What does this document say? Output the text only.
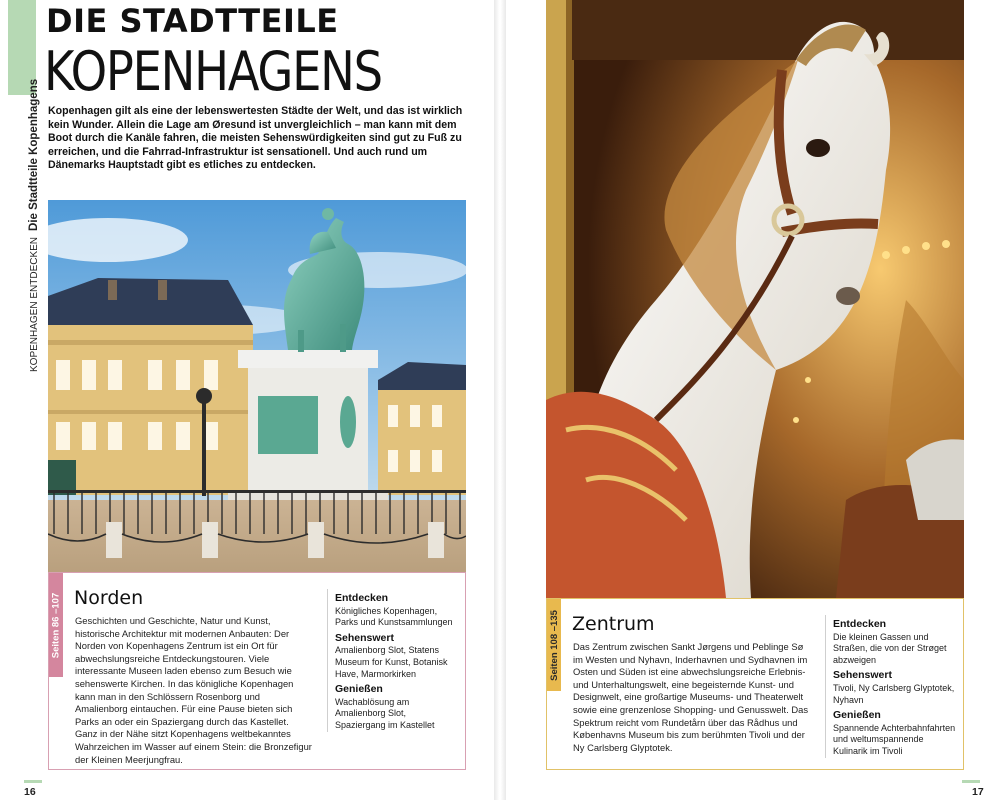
DIE STADTTEILE
KOPENHAGENS
KOPENHAGEN ENTDECKENDie Stadtteile Kopenhagens Kopenhagen gilt als eine der lebenswertesten Städte der Welt, und das ist wirklich kein Wunder. Allein die Lage am Øresund ist unvergleichlich – man kann mit dem Boot durch die Kanäle fahren, die meisten Sehenswürdigkeiten sind gut zu Fuß zu erreichen, und die Fahrrad-Infrastruktur ist sensationell. Und auch rund um Dänemarks Hauptstadt gibt es etliches zu entdecken.

Seiten 86 –107 Norden

Geschichten und Geschichte, Natur und Kunst, historische Architektur mit modernen Anbauten: Der Norden von Kopenhagens Zentrum ist ein Ort für abwechslungsreiche Entdeckungstouren. Viele interessante Museen laden ebenso zum Besuch wie sehenswerte Kirchen. In das königliche Kopenhagen kann man in den Schlössern Rosenborg und Amalienborg eintauchen. Für eine Pause bieten sich Parks an oder ein Spaziergang durch das Kastellet. Ganz in der Nähe sitzt Kopenhagens weltbekanntes Wahrzeichen im Wasser auf einem Stein: die Bronzefigur der Kleinen Meerjungfrau.

Entdecken
Königliches Kopenhagen, Parks und Kunstsammlungen
Sehenswert
Amalienborg Slot, Statens Museum for Kunst, Botanisk Have, Marmorkirken
Genießen
Wachablösung am Amalienborg Slot, Spaziergang im Kastellet
16	17
Seiten 108 –135 Zentrum

Das Zentrum zwischen Sankt Jørgens und Peblinge Sø im Westen und Nyhavn, Inderhavnen und Sydhavnen im Osten und Süden ist eine abwechslungsreiche Erlebnis- und Unterhaltungswelt, eine begeisternde Kunst- und Designwelt, eine großartige Museums- und Theaterwelt sowie eine grenzenlose Shopping- und Genusswelt. Das Spektrum reicht vom Rundetårn über das Rådhus und Københavns Museum bis zum berühmten Tivoli und der Ny Carlsberg Glyptotek.

Entdecken
Die kleinen Gassen und Straßen, die von der Strøget abzweigen
Sehenswert
Tivoli, Ny Carlsberg Glyptotek, Nyhavn
Genießen
Spannende Achterbahnfahrten und weltumspannende Kulinarik im Tivoli
